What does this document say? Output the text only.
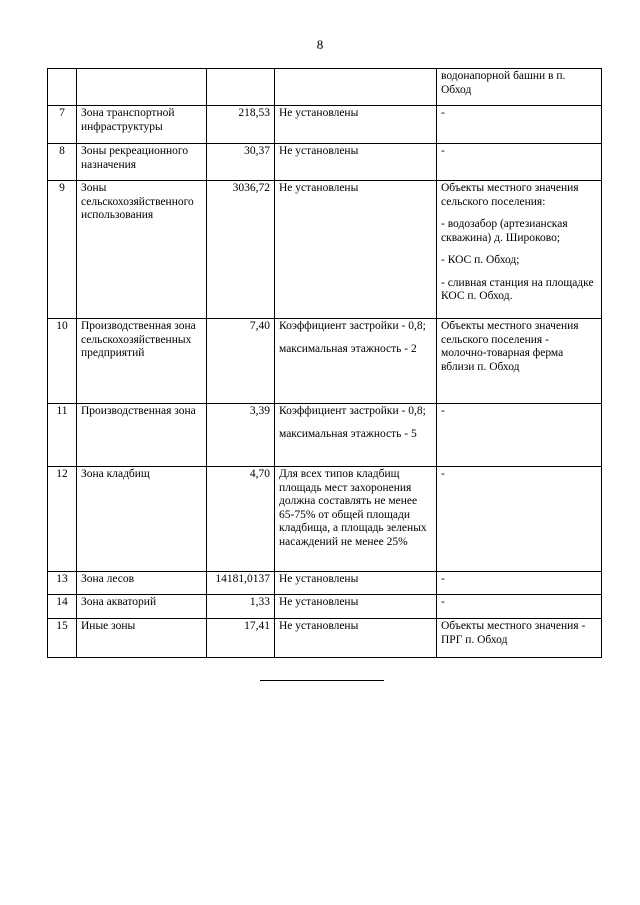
8

				водонапорной башни в п. Обход

7	Зона транспортной инфраструктуры	218,53	Не установлены	-

8	Зоны рекреационного назначения	30,37	Не установлены	-

9	Зоны сельскохозяйственного использования	3036,72	Не установлены	Объекты местного значения сельского поселения:
- водозабор (артезианская скважина) д. Широково;
- КОС п. Обход;
- сливная станция на площадке КОС п. Обход.

10	Производственная зона сельскохозяйственных предприятий	7,40	Коэффициент застройки - 0,8;
максимальная этажность - 2	Объекты местного значения сельского поселения - молочно-товарная ферма вблизи п. Обход

11	Производственная зона	3,39	Коэффициент застройки - 0,8;
максимальная этажность - 5	-

12	Зона кладбищ	4,70	Для всех типов кладбищ площадь мест захоронения должна составлять не менее 65-75% от общей площади кладбища, а площадь зеленых насаждений не менее 25%	-

13	Зона лесов	14181,0137	Не установлены	-

14	Зона акваторий	1,33	Не установлены	-

15	Иные зоны	17,41	Не установлены	Объекты местного значения - ПРГ п. Обход
